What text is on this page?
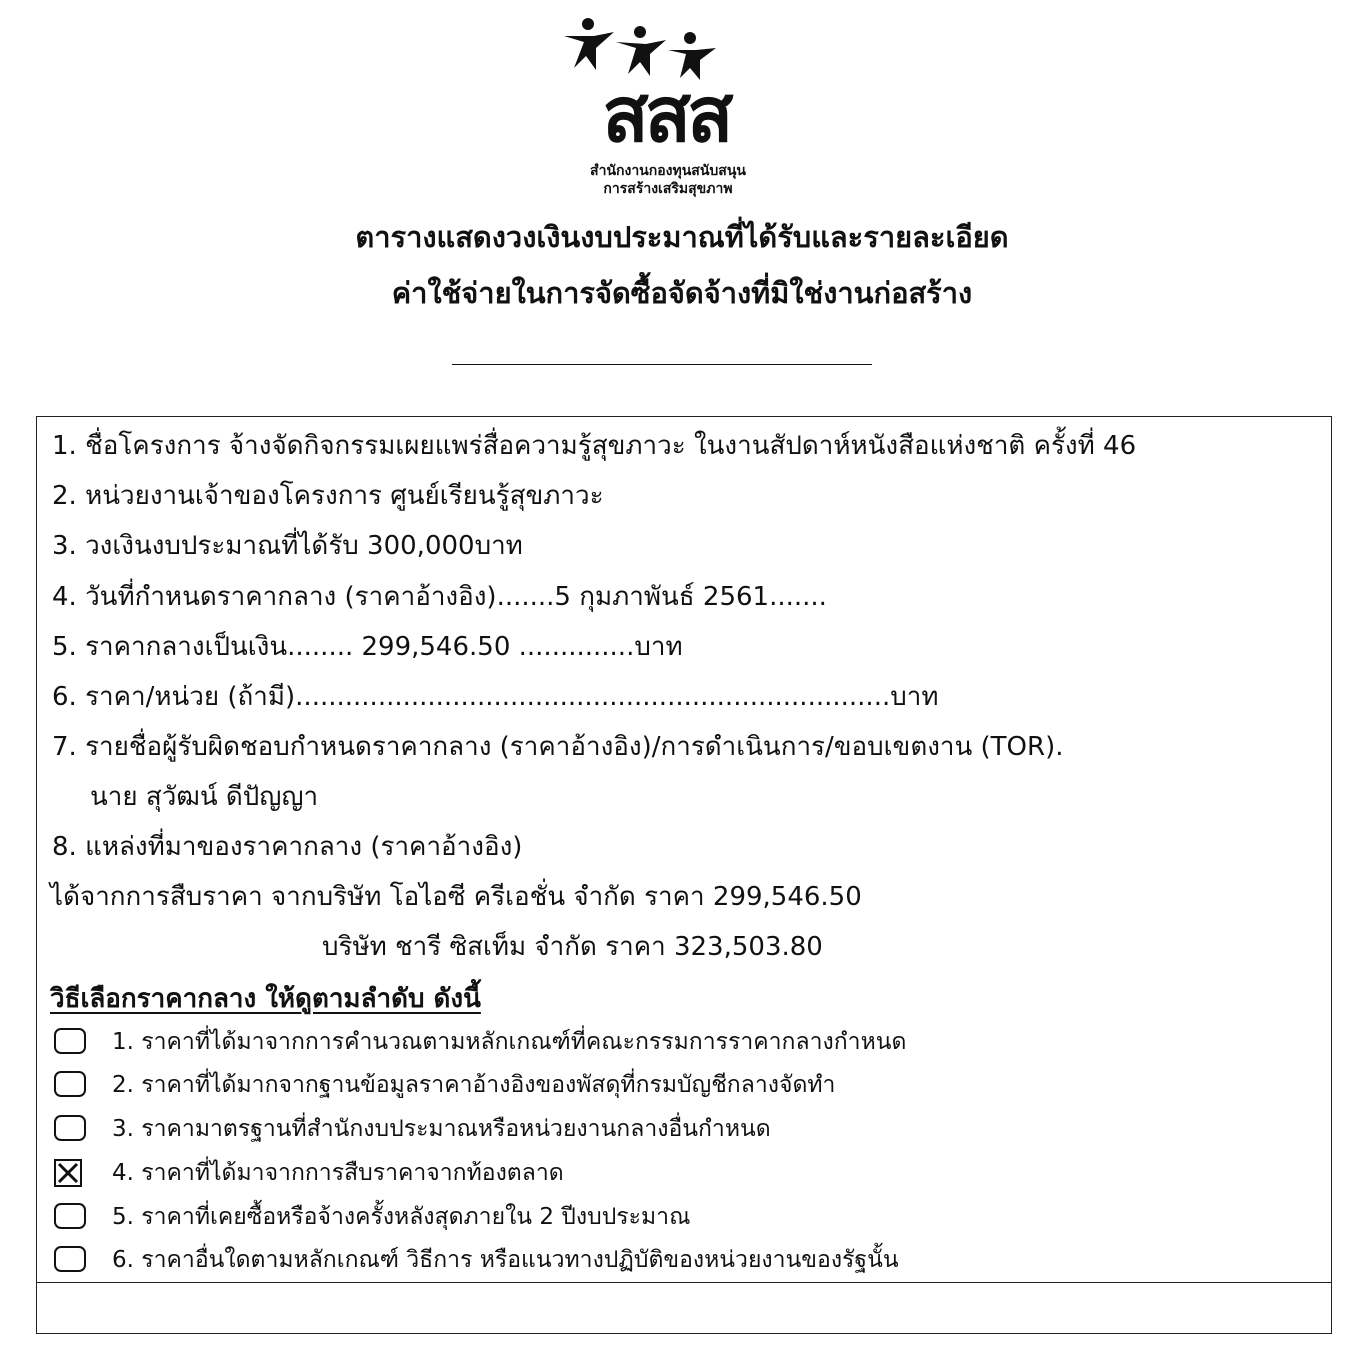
สสส
สำนักงานกองทุนสนับสนุน
การสร้างเสริมสุขภาพ
ตารางแสดงวงเงินงบประมาณที่ได้รับและรายละเอียด
ค่าใช้จ่ายในการจัดซื้อจัดจ้างที่มิใช่งานก่อสร้าง
1. ชื่อโครงการ จ้างจัดกิจกรรมเผยแพร่สื่อความรู้สุขภาวะ ในงานสัปดาห์หนังสือแห่งชาติ ครั้งที่ 46
2. หน่วยงานเจ้าของโครงการ ศูนย์เรียนรู้สุขภาวะ
3. วงเงินงบประมาณที่ได้รับ 300,000บาท
4. วันที่กำหนดราคากลาง (ราคาอ้างอิง).......5 กุมภาพันธ์ 2561.......
5. ราคากลางเป็นเงิน........ 299,546.50 ..............บาท
6. ราคา/หน่วย (ถ้ามี)........................................................................บาท
7. รายชื่อผู้รับผิดชอบกำหนดราคากลาง (ราคาอ้างอิง)/การดำเนินการ/ขอบเขตงาน (TOR).
นาย สุวัฒน์ ดีปัญญา
8. แหล่งที่มาของราคากลาง (ราคาอ้างอิง)
ได้จากการสืบราคา จากบริษัท โอไอซี ครีเอชั่น จำกัด ราคา 299,546.50
บริษัท ชารี ซิสเท็ม จำกัด ราคา 323,503.80
วิธีเลือกราคากลาง ให้ดูตามลำดับ ดังนี้
1. ราคาที่ได้มาจากการคำนวณตามหลักเกณฑ์ที่คณะกรรมการราคากลางกำหนด
2. ราคาที่ได้มากจากฐานข้อมูลราคาอ้างอิงของพัสดุที่กรมบัญชีกลางจัดทำ
3. ราคามาตรฐานที่สำนักงบประมาณหรือหน่วยงานกลางอื่นกำหนด
4. ราคาที่ได้มาจากการสืบราคาจากท้องตลาด
5. ราคาที่เคยซื้อหรือจ้างครั้งหลังสุดภายใน 2 ปีงบประมาณ
6. ราคาอื่นใดตามหลักเกณฑ์ วิธีการ หรือแนวทางปฏิบัติของหน่วยงานของรัฐนั้น
